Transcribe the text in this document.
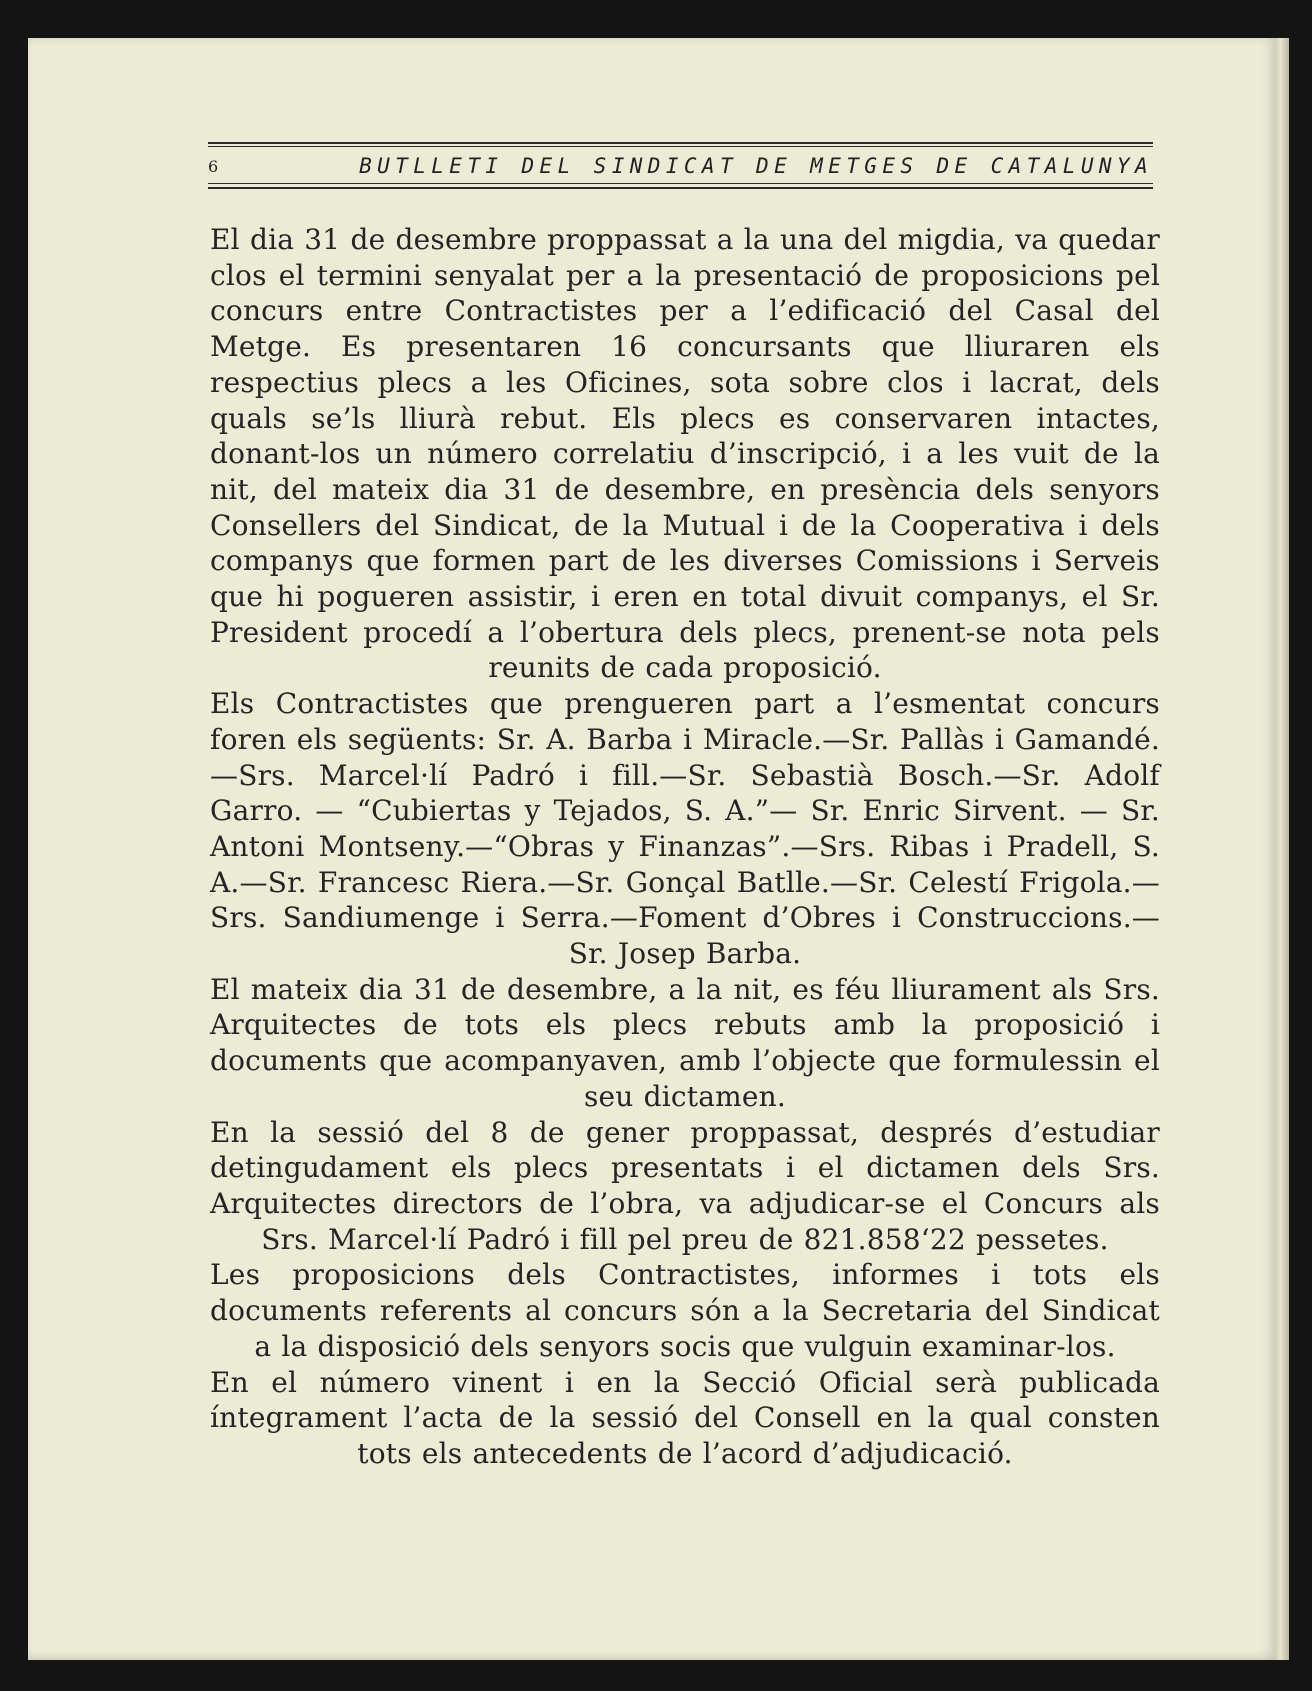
6	BUTLLETI DEL SINDICAT DE METGES DE CATALUNYA

El dia 31 de desembre proppassat a la una del migdia, va quedar clos el termini senyalat per a la presentació de proposicions pel concurs entre Contractistes per a l’edificació del Casal del Metge. Es presentaren 16 concursants que lliuraren els respectius plecs a les Oficines, sota sobre clos i lacrat, dels quals se’ls lliurà rebut. Els plecs es conservaren intactes, donant-los un número correlatiu d’inscripció, i a les vuit de la nit, del mateix dia 31 de desembre, en presència dels senyors Consellers del Sindicat, de la Mutual i de la Cooperativa i dels companys que formen part de les diverses Comissions i Serveis que hi pogueren assistir, i eren en total divuit companys, el Sr. President procedí a l’obertura dels plecs, prenent-se nota pels reunits de cada proposició.

Els Contractistes que prengueren part a l’esmentat concurs foren els següents: Sr. A. Barba i Miracle.—Sr. Pallàs i Gamandé.—Srs. Marcel·lí Padró i fill.—Sr. Sebastià Bosch.—Sr. Adolf Garro. — “Cubiertas y Tejados, S. A.”— Sr. Enric Sirvent. — Sr. Antoni Montseny.—“Obras y Finanzas”.—Srs. Ribas i Pradell, S. A.—Sr. Francesc Riera.—Sr. Gonçal Batlle.—Sr. Celestí Frigola.—Srs. Sandiumenge i Serra.—Foment d’Obres i Construccions.—Sr. Josep Barba.

El mateix dia 31 de desembre, a la nit, es féu lliurament als Srs. Arquitectes de tots els plecs rebuts amb la proposició i documents que acompanyaven, amb l’objecte que formulessin el seu dictamen.

En la sessió del 8 de gener proppassat, després d’estudiar detingudament els plecs presentats i el dictamen dels Srs. Arquitectes directors de l’obra, va adjudicar-se el Concurs als Srs. Marcel·lí Padró i fill pel preu de 821.858‘22 pessetes.

Les proposicions dels Contractistes, informes i tots els documents referents al concurs són a la Secretaria del Sindicat a la disposició dels senyors socis que vulguin examinar-los.

En el número vinent i en la Secció Oficial serà publicada íntegrament l’acta de la sessió del Consell en la qual consten tots els antecedents de l’acord d’adjudicació.
